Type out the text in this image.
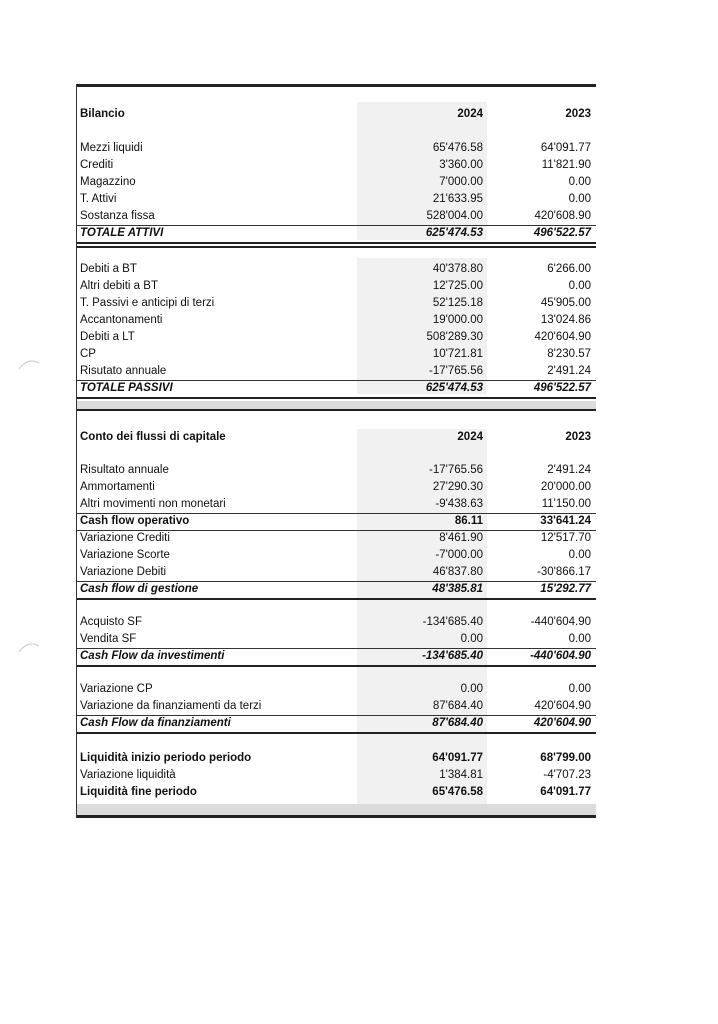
Bilancio	2024	2023
Mezzi liquidi	65'476.58	64'091.77
Crediti	3'360.00	11'821.90
Magazzino	7'000.00	0.00
T. Attivi	21'633.95	0.00
Sostanza fissa	528'004.00	420'608.90
TOTALE ATTIVI	625'474.53	496'522.57
Debiti a BT	40'378.80	6'266.00
Altri debiti a BT	12'725.00	0.00
T. Passivi e anticipi di terzi	52'125.18	45'905.00
Accantonamenti	19'000.00	13'024.86
Debiti a LT	508'289.30	420'604.90
CP	10'721.81	8'230.57
Risutato annuale	-17'765.56	2'491.24
TOTALE PASSIVI	625'474.53	496'522.57
Conto dei flussi di capitale	2024	2023
Risultato annuale	-17'765.56	2'491.24
Ammortamenti	27'290.30	20'000.00
Altri movimenti non monetari	-9'438.63	11'150.00
Cash flow operativo	86.11	33'641.24
Variazione Crediti	8'461.90	12'517.70
Variazione Scorte	-7'000.00	0.00
Variazione Debiti	46'837.80	-30'866.17
Cash flow di gestione	48'385.81	15'292.77
Acquisto SF	-134'685.40	-440'604.90
Vendita SF	0.00	0.00
Cash Flow da investimenti	-134'685.40	-440'604.90
Variazione CP	0.00	0.00
Variazione da finanziamenti da terzi	87'684.40	420'604.90
Cash Flow da finanziamenti	87'684.40	420'604.90
Liquidità inizio periodo periodo	64'091.77	68'799.00
Variazione liquidità	1'384.81	-4'707.23
Liquidità fine periodo	65'476.58	64'091.77
